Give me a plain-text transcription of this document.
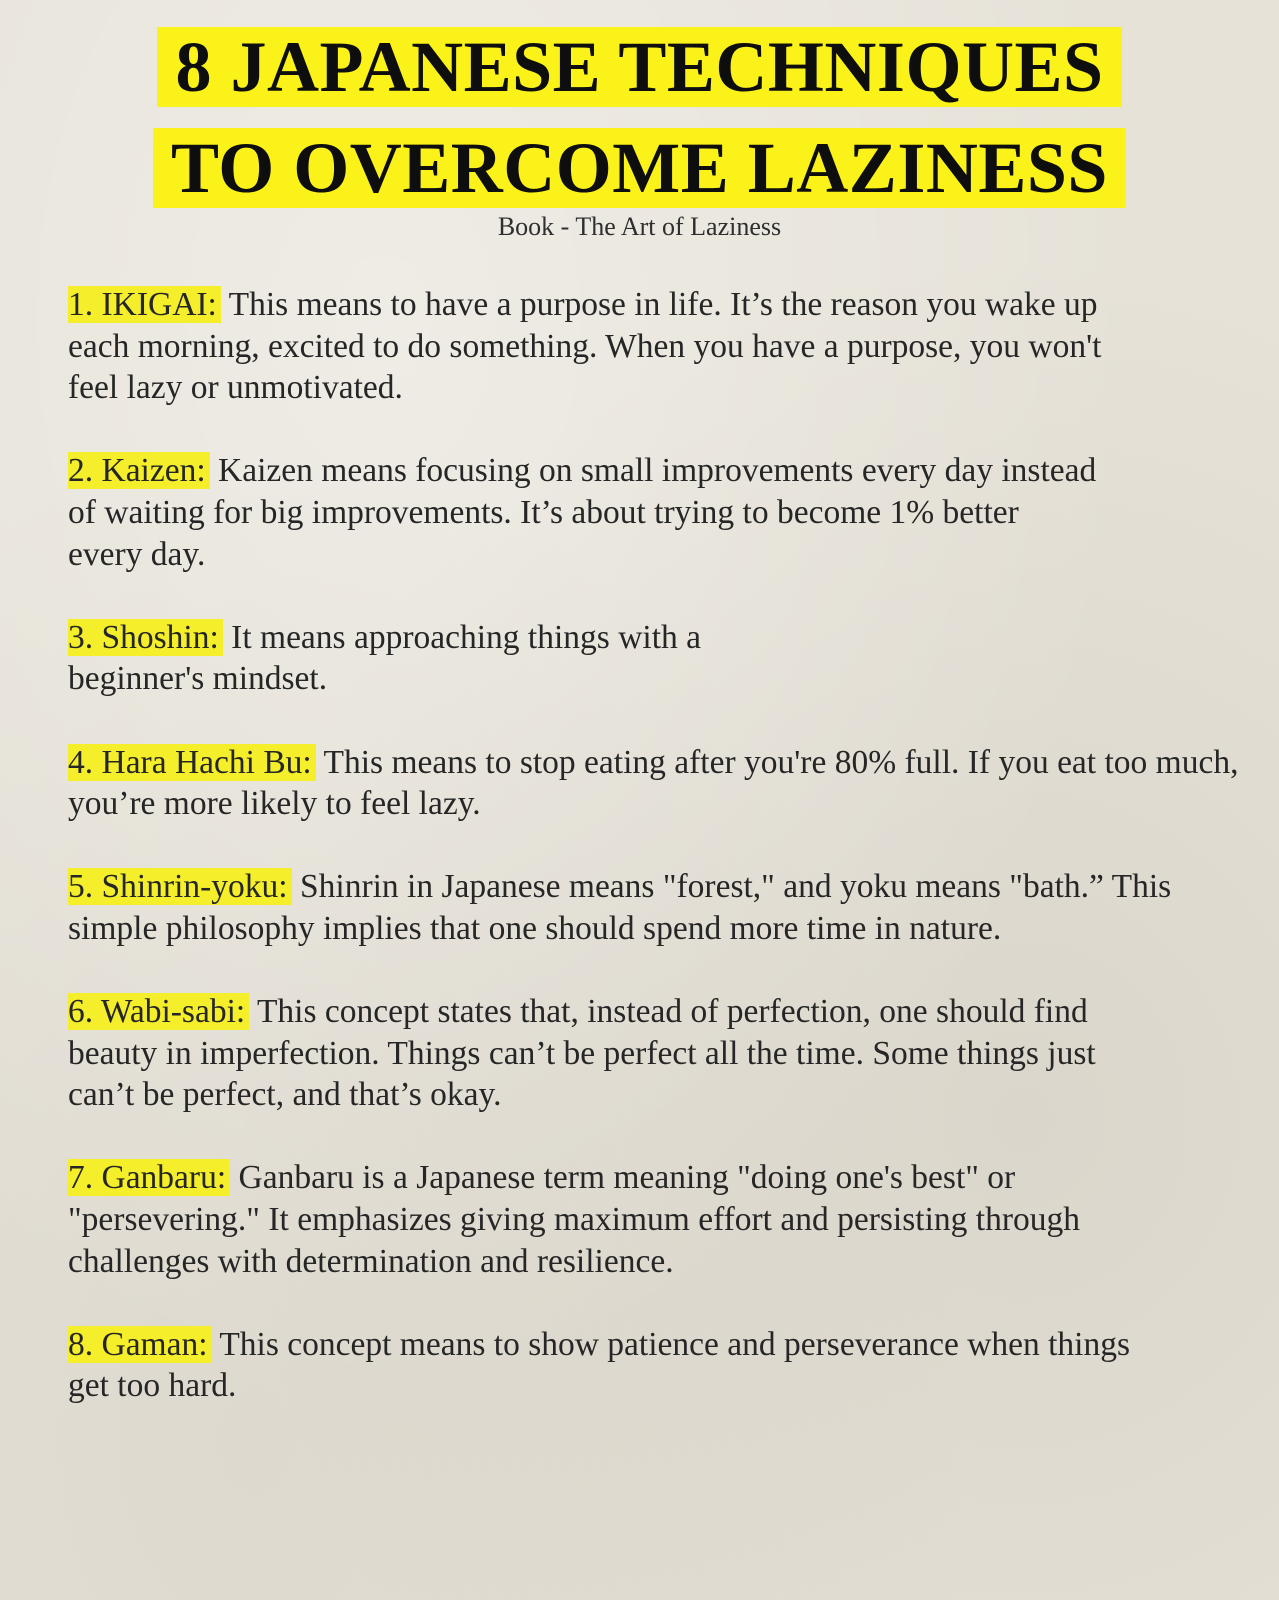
8 JAPANESE TECHNIQUES
TO OVERCOME LAZINESS

Book - The Art of Laziness

1. IKIGAI: This means to have a purpose in life. It’s the reason you wake up each morning, excited to do something. When you have a purpose, you won't feel lazy or unmotivated.
2. Kaizen: Kaizen means focusing on small improvements every day instead of waiting for big improvements. It’s about trying to become 1% better every day.
3. Shoshin: It means approaching things with a beginner's mindset.
4. Hara Hachi Bu: This means to stop eating after you're 80% full. If you eat too much, you’re more likely to feel lazy.
5. Shinrin-yoku: Shinrin in Japanese means "forest," and yoku means "bath.” This simple philosophy implies that one should spend more time in nature.
6. Wabi-sabi: This concept states that, instead of perfection, one should find beauty in imperfection. Things can’t be perfect all the time. Some things just can’t be perfect, and that’s okay.
7. Ganbaru: Ganbaru is a Japanese term meaning "doing one's best" or "persevering." It emphasizes giving maximum effort and persisting through challenges with determination and resilience.
8. Gaman: This concept means to show patience and perseverance when things get too hard.
